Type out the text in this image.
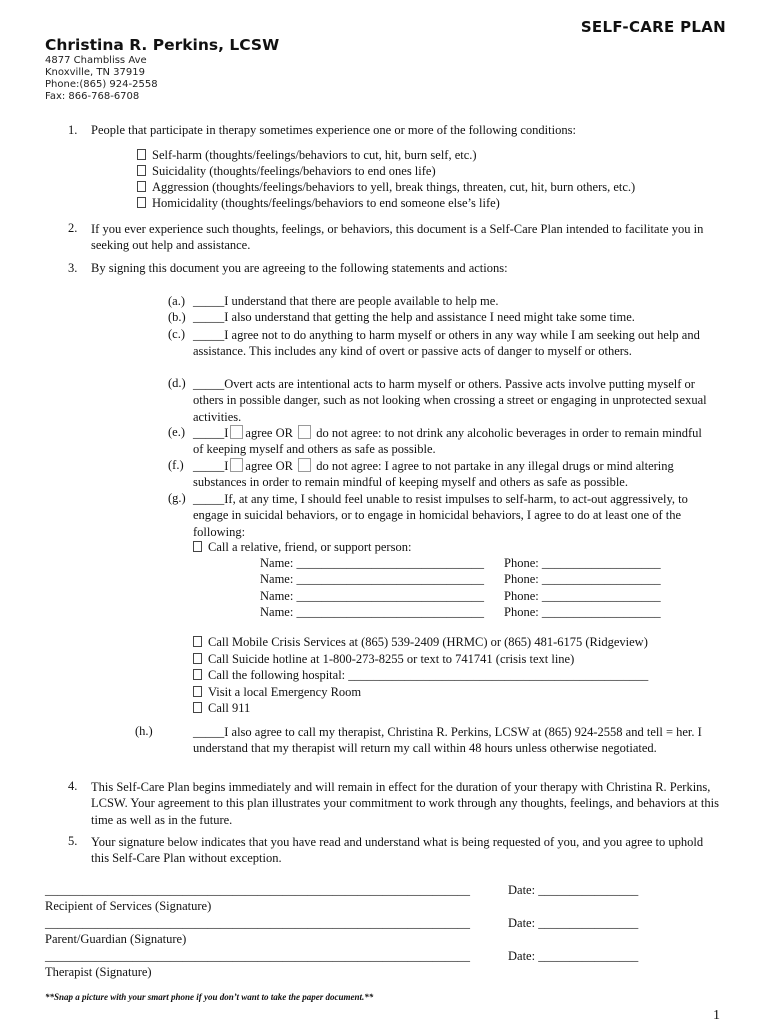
SELF-CARE PLAN
Christina R. Perkins, LCSW
4877 Chambliss Ave
Knoxville, TN 37919
Phone:(865) 924-2558
Fax: 866-768-6708
1. People that participate in therapy sometimes experience one or more of the following conditions:
Self-harm (thoughts/feelings/behaviors to cut, hit, burn self, etc.)
Suicidality (thoughts/feelings/behaviors to end ones life)
Aggression (thoughts/feelings/behaviors to yell, break things, threaten, cut, hit, burn others, etc.)
Homicidality (thoughts/feelings/behaviors to end someone else’s life)
2. If you ever experience such thoughts, feelings, or behaviors, this document is a Self-Care Plan intended to facilitate you in seeking out help and assistance.
3. By signing this document you are agreeing to the following statements and actions:
(a.) _____I understand that there are people available to help me.
(b.) _____I also understand that getting the help and assistance I need might take some time.
(c.) _____I agree not to do anything to harm myself or others in any way while I am seeking out help and assistance. This includes any kind of overt or passive acts of danger to myself or others.
(d.) _____Overt acts are intentional acts to harm myself or others. Passive acts involve putting myself or others in possible danger, such as not looking when crossing a street or engaging in unprotected sexual activities.
(e.) _____I agree OR do not agree: to not drink any alcoholic beverages in order to remain mindful of keeping myself and others as safe as possible.
(f.) _____I agree OR do not agree: I agree to not partake in any illegal drugs or mind altering substances in order to remain mindful of keeping myself and others as safe as possible.
(g.) _____If, at any time, I should feel unable to resist impulses to self-harm, to act-out aggressively, to engage in suicidal behaviors, or to engage in homicidal behaviors, I agree to do at least one of the following:
Call a relative, friend, or support person:
Name: ______________________________ Phone: ___________________
Name: ______________________________ Phone: ___________________
Name: ______________________________ Phone: ___________________
Name: ______________________________ Phone: ___________________
Call Mobile Crisis Services at (865) 539-2409 (HRMC) or (865) 481-6175 (Ridgeview)
Call Suicide hotline at 1-800-273-8255 or text to 741741 (crisis text line)
Call the following hospital: ________________________________________________
Visit a local Emergency Room
Call 911
(h.)	_____I also agree to call my therapist, Christina R. Perkins, LCSW at (865) 924-2558 and tell = her. I understand that my therapist will return my call within 48 hours unless otherwise negotiated.
4. This Self-Care Plan begins immediately and will remain in effect for the duration of your therapy with Christina R. Perkins, LCSW. Your agreement to this plan illustrates your commitment to work through any thoughts, feelings, and behaviors at this time as well as in the future.
5. Your signature below indicates that you have read and understand what is being requested of you, and you agree to uphold this Self-Care Plan without exception.
____________________________________________________________________	Date: ________________
Recipient of Services (Signature)
____________________________________________________________________	Date: ________________
Parent/Guardian (Signature)
____________________________________________________________________	Date: ________________
Therapist (Signature)
**Snap a picture with your smart phone if you don’t want to take the paper document.**
1
